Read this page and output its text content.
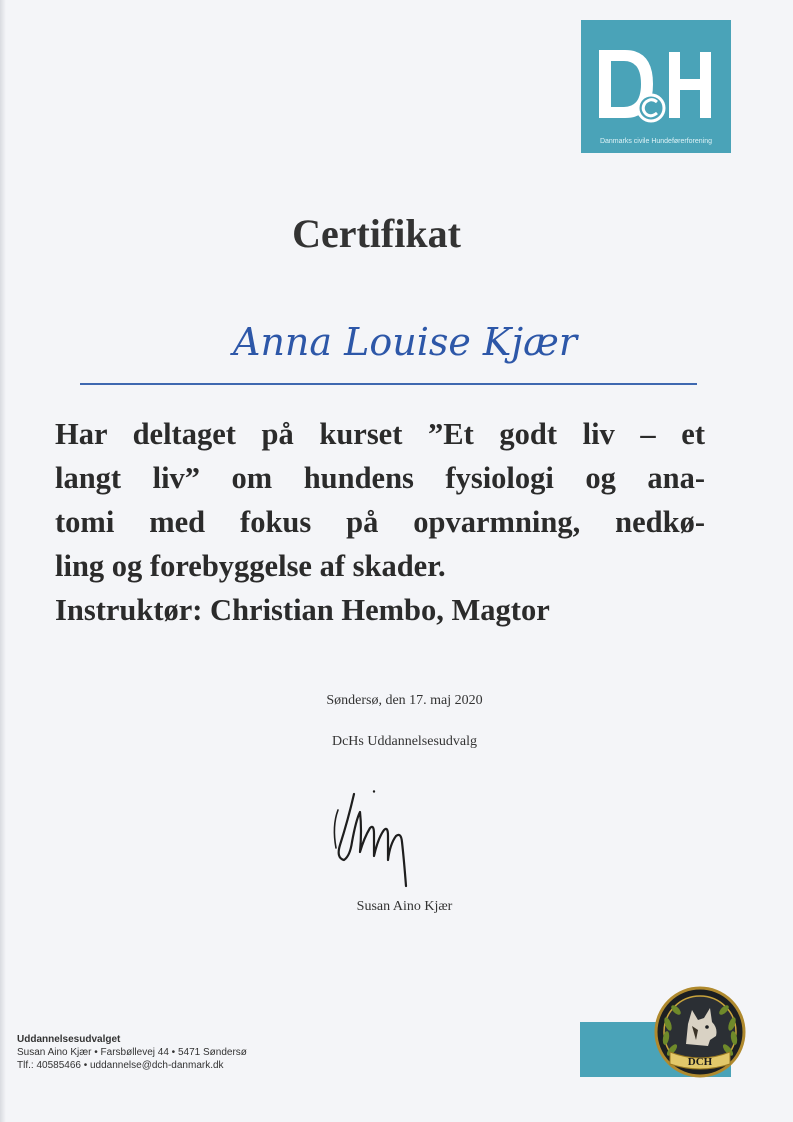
Danmarks civile Hundeførerforening
Certifikat
Anna Louise Kjær
Har deltaget på kurset ”Et godt liv – et
langt liv” om hundens fysiologi og ana-
tomi med fokus på opvarmning, nedkø-
ling og forebyggelse af skader.
Instruktør: Christian Hembo, Magtor
Søndersø, den 17. maj 2020
DcHs Uddannelsesudvalg
Susan Aino Kjær
Uddannelsesudvalget
Susan Aino Kjær • Farsbøllevej 44 • 5471 Søndersø
Tlf.: 40585466 • uddannelse@dch-danmark.dk	DCH
